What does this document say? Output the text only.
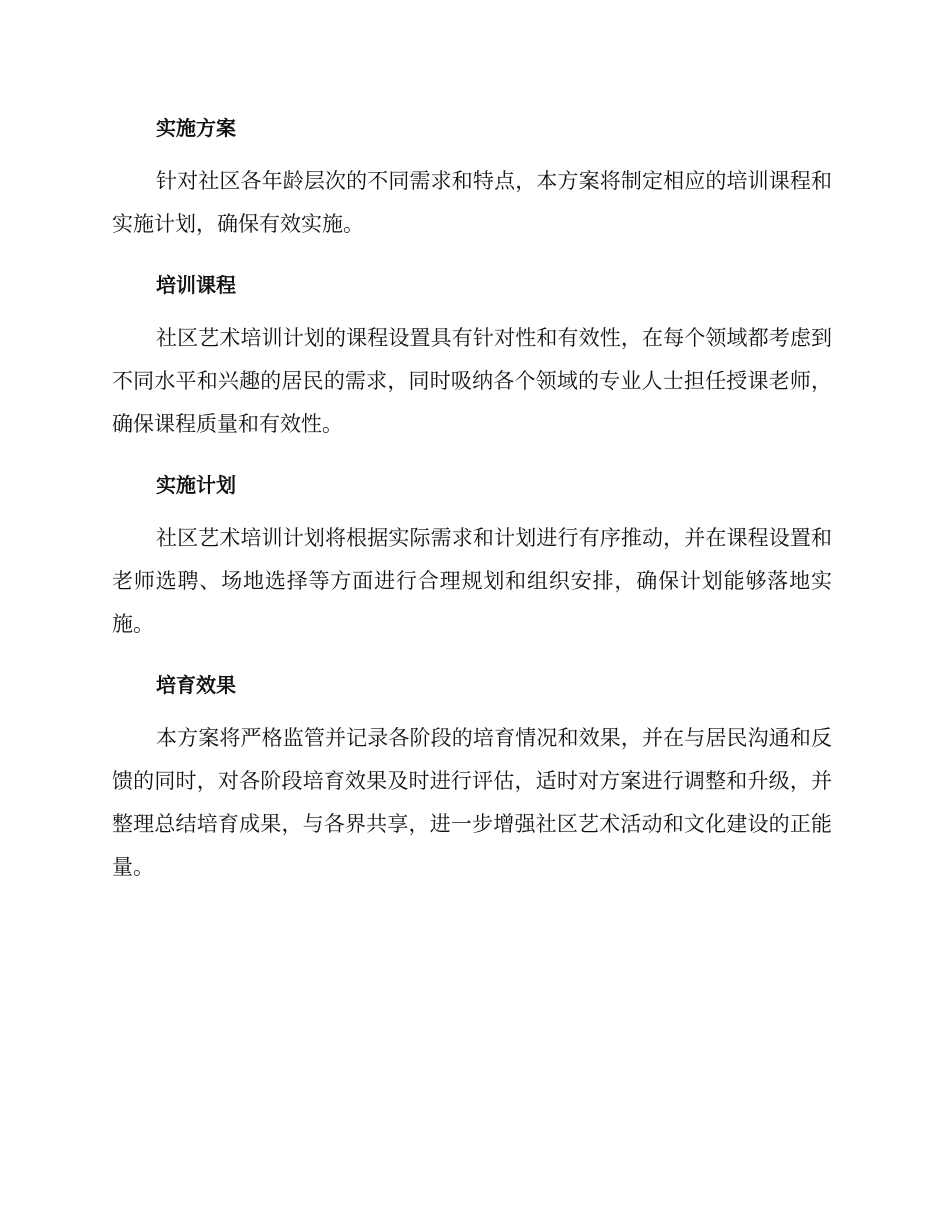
实施方案

针对社区各年龄层次的不同需求和特点，本方案将制定相应的培训课程和实施计划，确保有效实施。

培训课程

社区艺术培训计划的课程设置具有针对性和有效性，在每个领域都考虑到不同水平和兴趣的居民的需求，同时吸纳各个领域的专业人士担任授课老师，确保课程质量和有效性。

实施计划

社区艺术培训计划将根据实际需求和计划进行有序推动，并在课程设置和老师选聘、场地选择等方面进行合理规划和组织安排，确保计划能够落地实施。

培育效果

本方案将严格监管并记录各阶段的培育情况和效果，并在与居民沟通和反馈的同时，对各阶段培育效果及时进行评估，适时对方案进行调整和升级，并整理总结培育成果，与各界共享，进一步增强社区艺术活动和文化建设的正能量。
